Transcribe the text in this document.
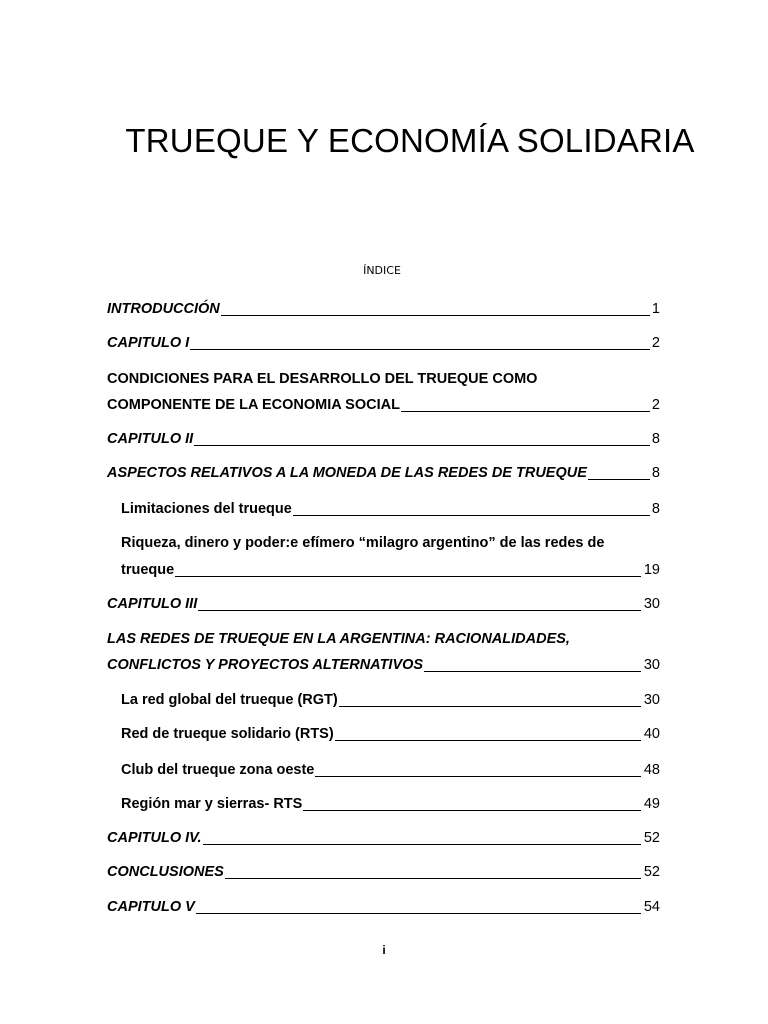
TRUEQUE Y ECONOMÍA SOLIDARIA
ÍNDICE
INTRODUCCIÓN	1
CAPITULO I	2
CONDICIONES PARA EL DESARROLLO DEL TRUEQUE COMO
COMPONENTE DE LA ECONOMIA SOCIAL	2
CAPITULO II	8
ASPECTOS RELATIVOS A LA MONEDA DE LAS REDES DE TRUEQUE	8
Limitaciones del trueque	8
Riqueza, dinero y poder:e efímero “milagro argentino” de las redes de
trueque	19
CAPITULO III	30
LAS REDES DE TRUEQUE EN LA ARGENTINA: RACIONALIDADES,
CONFLICTOS Y PROYECTOS ALTERNATIVOS	30
La red global del trueque (RGT)	30
Red de trueque solidario (RTS)	40
Club del trueque zona oeste	48
Región mar y sierras- RTS	49
CAPITULO IV.	52
CONCLUSIONES	52
CAPITULO V	54
i
